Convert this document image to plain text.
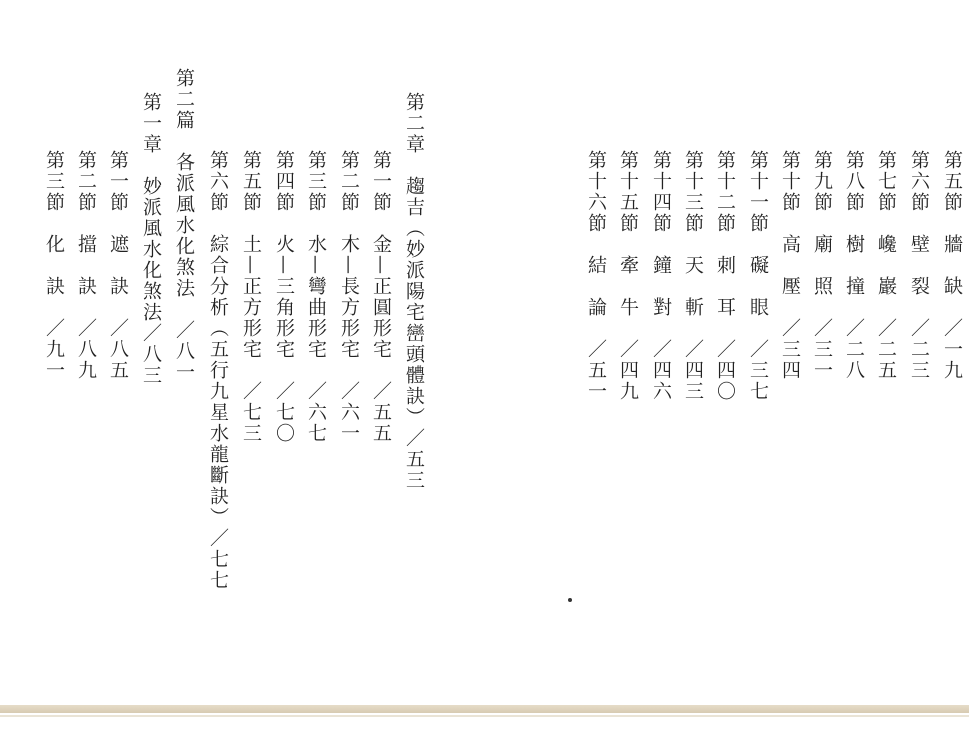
第五節　牆　缺　／一九
第六節　壁　裂　／二三
第七節　巉　巖　／二五
第八節　樹　撞　／二八
第九節　廟　照　／三一
第十節　高　壓　／三四
第十一節　礙　眼　／三七
第十二節　刺　耳　／四〇
第十三節　天　斬　／四三
第十四節　鐘　對　／四六
第十五節　牽　牛　／四九
第十六節　結　論　／五一
第二章　趨吉（妙派陽宅巒頭體訣）／五三
第一節　金—正圓形宅　／五五
第二節　木—長方形宅　／六一
第三節　水—彎曲形宅　／六七
第四節　火—三角形宅　／七〇
第五節　土—正方形宅　／七三
第六節　綜合分析（五行九星水龍斷訣）／七七
第二篇　各派風水化煞法　／八一
第一章　妙派風水化煞法／八三
第一節　遮　訣　／八五
第二節　擋　訣　／八九
第三節　化　訣　／九一
